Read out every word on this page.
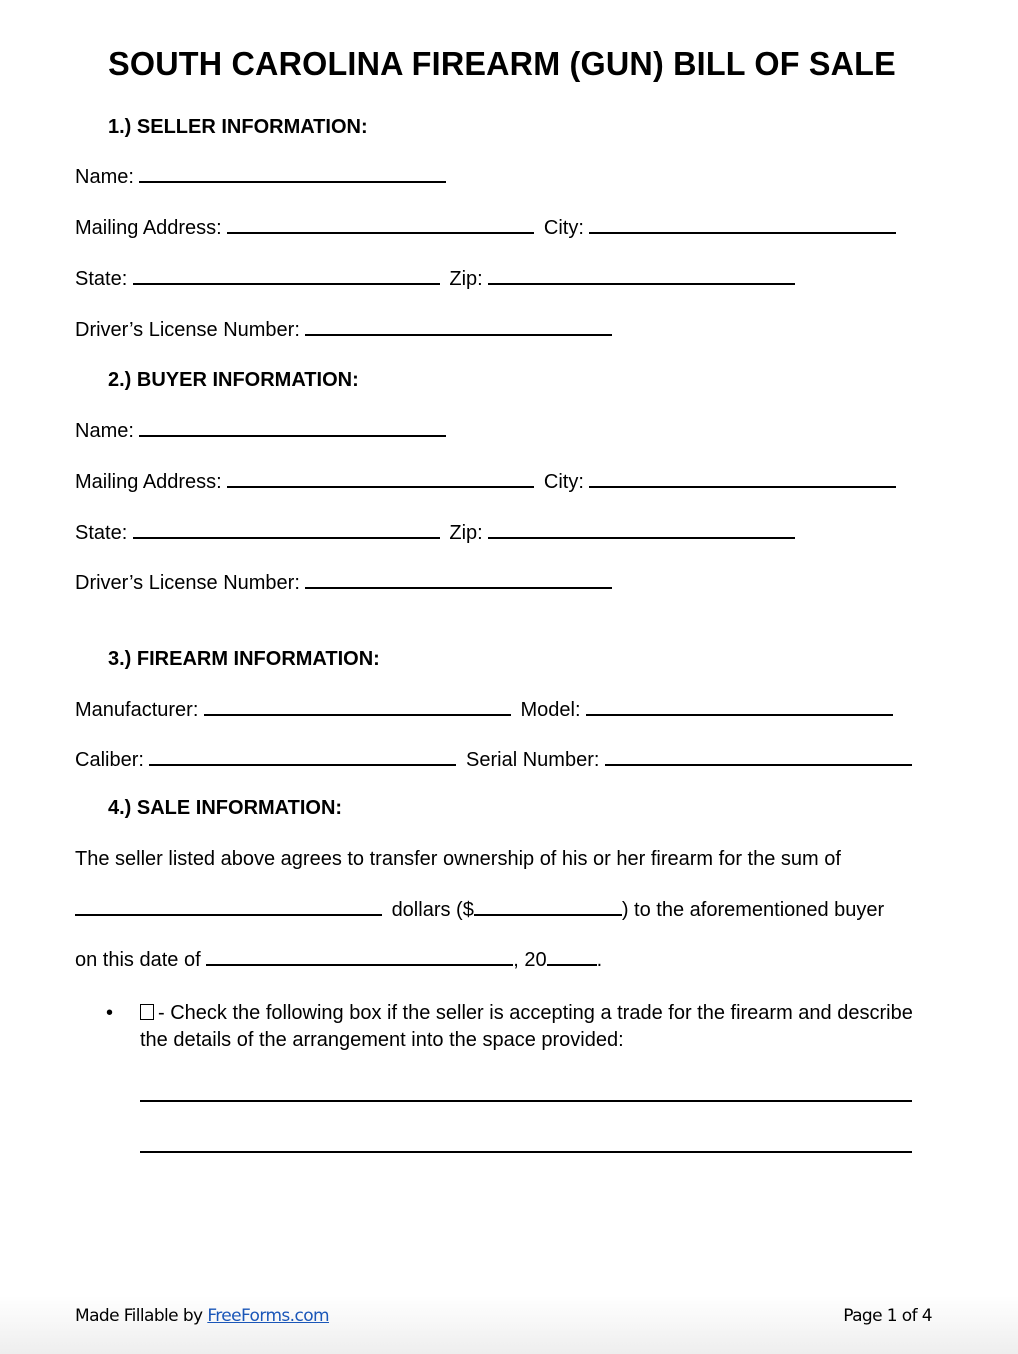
SOUTH CAROLINA FIREARM (GUN) BILL OF SALE
1.) SELLER INFORMATION:
Name:
Mailing Address:	City:
State:	Zip:
Driver’s License Number:
2.) BUYER INFORMATION:
Name:
Mailing Address:	City:
State:	Zip:
Driver’s License Number:
3.) FIREARM INFORMATION:
Manufacturer:	Model:
Caliber:	Serial Number:
4.) SALE INFORMATION:
The seller listed above agrees to transfer ownership of his or her firearm for the sum of
dollars ($	) to the aforementioned buyer
on this date of	, 20	.
•	- Check the following box if the seller is accepting a trade for the firearm and describe the details of the arrangement into the space provided:
Made Fillable by FreeForms.com	Page 1 of 4
